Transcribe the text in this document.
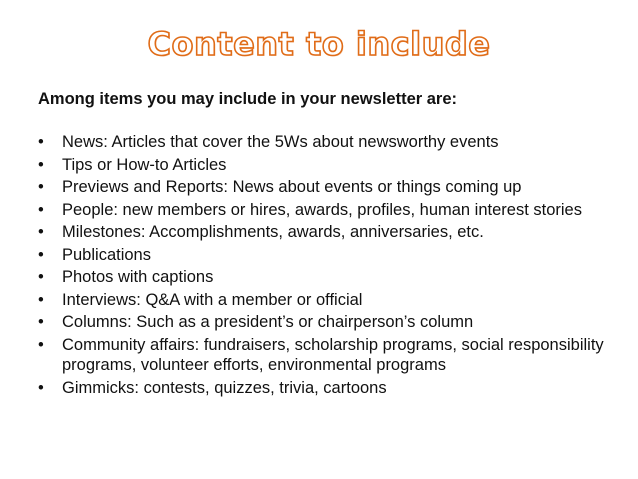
Content to include
Among items you may include in your newsletter are:
•	News: Articles that cover the 5Ws about newsworthy events
•	Tips or How-to Articles
•	Previews and Reports: News about events or things coming up
•	People: new members or hires, awards, profiles, human interest stories
•	Milestones: Accomplishments, awards, anniversaries, etc.
•	Publications
•	Photos with captions
•	Interviews: Q&A with a member or official
•	Columns: Such as a president’s or chairperson’s column
•	Community affairs: fundraisers, scholarship programs, social responsibility programs, volunteer efforts, environmental programs
•	Gimmicks: contests, quizzes, trivia, cartoons
